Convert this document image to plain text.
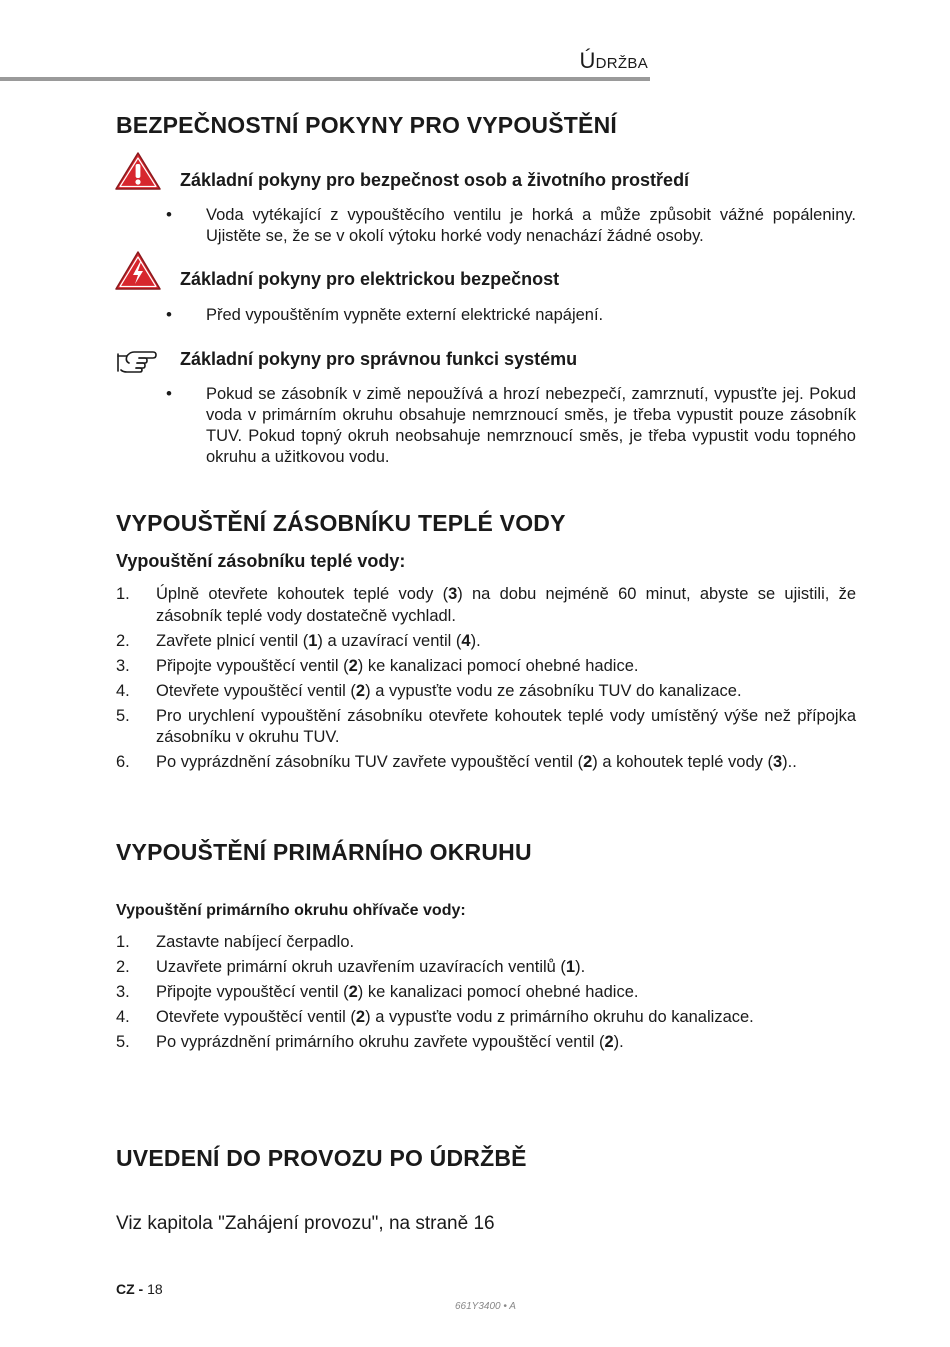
Údržba
BEZPEČNOSTNÍ POKYNY PRO VYPOUŠTĚNÍ
Základní pokyny pro bezpečnost osob a životního prostředí
• Voda vytékající z vypouštěcího ventilu je horká a může způsobit vážné popáleniny. Ujistěte se, že se v okolí výtoku horké vody nenachází žádné osoby.

Základní pokyny pro elektrickou bezpečnost
• Před vypouštěním vypněte externí elektrické napájení.

Základní pokyny pro správnou funkci systému
• Pokud se zásobník v zimě nepoužívá a hrozí nebezpečí, zamrznutí, vypusťte jej. Pokud voda v primárním okruhu obsahuje nemrznoucí směs, je třeba vypustit pouze zásobník TUV. Pokud topný okruh neobsahuje nemrznoucí směs, je třeba vypustit vodu topného okruhu a užitkovou vodu.

VYPOUŠTĚNÍ ZÁSOBNÍKU TEPLÉ VODY
Vypouštění zásobníku teplé vody:
1. Úplně otevřete kohoutek teplé vody (3) na dobu nejméně 60 minut, abyste se ujistili, že zásobník teplé vody dostatečně vychladl.
2. Zavřete plnicí ventil (1) a uzavírací ventil (4).
3. Připojte vypouštěcí ventil (2) ke kanalizaci pomocí ohebné hadice.
4. Otevřete vypouštěcí ventil (2) a vypusťte vodu ze zásobníku TUV do kanalizace.
5. Pro urychlení vypouštění zásobníku otevřete kohoutek teplé vody umístěný výše než přípojka zásobníku v okruhu TUV.
6. Po vyprázdnění zásobníku TUV zavřete vypouštěcí ventil (2) a kohoutek teplé vody (3)..
VYPOUŠTĚNÍ PRIMÁRNÍHO OKRUHU
Vypouštění primárního okruhu ohřívače vody:
1. Zastavte nabíjecí čerpadlo.
2. Uzavřete primární okruh uzavřením uzavíracích ventilů (1).
3. Připojte vypouštěcí ventil (2) ke kanalizaci pomocí ohebné hadice.
4. Otevřete vypouštěcí ventil (2) a vypusťte vodu z primárního okruhu do kanalizace.
5. Po vyprázdnění primárního okruhu zavřete vypouštěcí ventil (2).
UVEDENÍ DO PROVOZU PO ÚDRŽBĚ
Viz kapitola "Zahájení provozu", na straně 16
CZ - 18
661Y3400 • A
